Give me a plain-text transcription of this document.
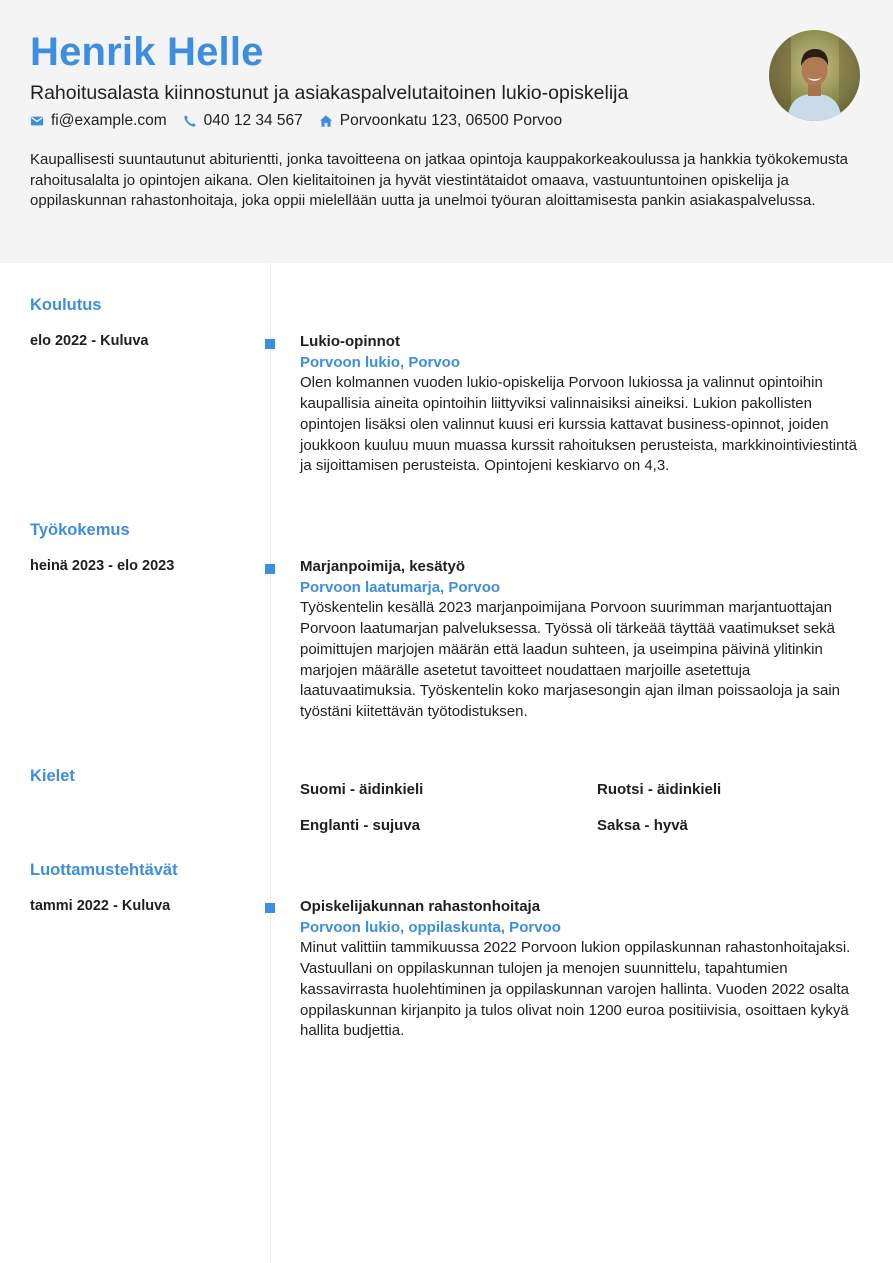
Henrik Helle
Rahoitusalasta kiinnostunut ja asiakaspalvelutaitoinen lukio-opiskelija
fi@example.com 040 12 34 567 Porvoonkatu 123, 06500 Porvoo
Kaupallisesti suuntautunut abiturientti, jonka tavoitteena on jatkaa opintoja kauppakorkeakoulussa ja hankkia työkokemusta rahoitusalalta jo opintojen aikana. Olen kielitaitoinen ja hyvät viestintätaidot omaava, vastuuntuntoinen opiskelija ja oppilaskunnan rahastonhoitaja, joka oppii mielellään uutta ja unelmoi työuran aloittamisesta pankin asiakaspalvelussa.
Koulutus
elo 2022 - Kuluva	Lukio-opinnot
Porvoon lukio, Porvoo
Olen kolmannen vuoden lukio-opiskelija Porvoon lukiossa ja valinnut opintoihin kaupallisia aineita opintoihin liittyviksi valinnaisiksi aineiksi. Lukion pakollisten opintojen lisäksi olen valinnut kuusi eri kurssia kattavat business-opinnot, joiden joukkoon kuuluu muun muassa kurssit rahoituksen perusteista, markkinointiviestintä ja sijoittamisen perusteista. Opintojeni keskiarvo on 4,3.
Työkokemus
heinä 2023 - elo 2023	Marjanpoimija, kesätyö
Porvoon laatumarja, Porvoo
Työskentelin kesällä 2023 marjanpoimijana Porvoon suurimman marjantuottajan Porvoon laatumarjan palveluksessa. Työssä oli tärkeää täyttää vaatimukset sekä poimittujen marjojen määrän että laadun suhteen, ja useimpina päivinä ylitinkin marjojen määrälle asetetut tavoitteet noudattaen marjoille asetettuja laatuvaatimuksia. Työskentelin koko marjasesongin ajan ilman poissaoloja ja sain työstäni kiitettävän työtodistuksen.
Kielet
Suomi - äidinkieli	Ruotsi - äidinkieli
Englanti - sujuva	Saksa - hyvä
Luottamustehtävät
tammi 2022 - Kuluva	Opiskelijakunnan rahastonhoitaja
Porvoon lukio, oppilaskunta, Porvoo
Minut valittiin tammikuussa 2022 Porvoon lukion oppilaskunnan rahastonhoitajaksi. Vastuullani on oppilaskunnan tulojen ja menojen suunnittelu, tapahtumien kassavirrasta huolehtiminen ja oppilaskunnan varojen hallinta. Vuoden 2022 osalta oppilaskunnan kirjanpito ja tulos olivat noin 1200 euroa positiivisia, osoittaen kykyä hallita budjettia.
